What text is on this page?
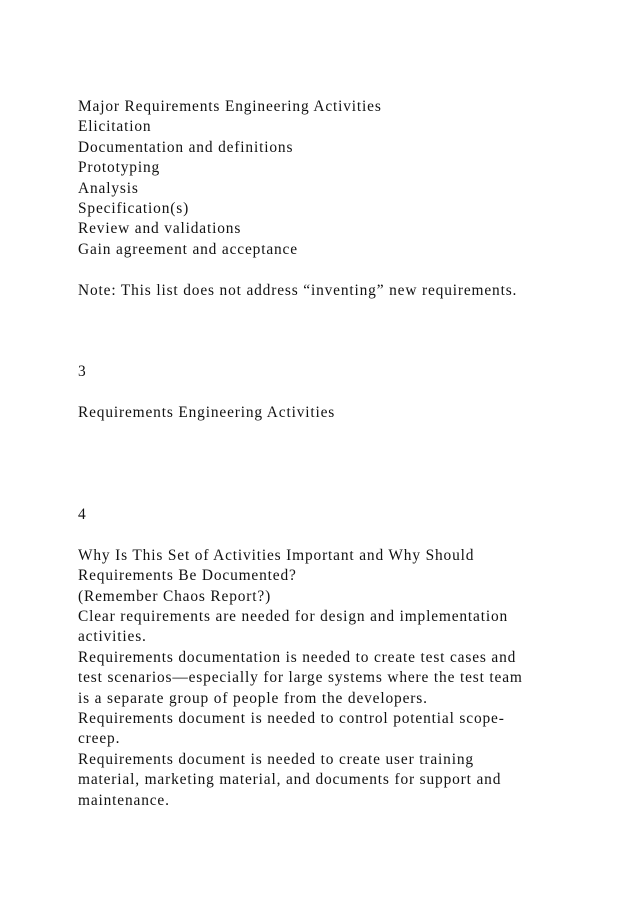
Major Requirements Engineering Activities
Elicitation
Documentation and definitions
Prototyping
Analysis
Specification(s)
Review and validations
Gain agreement and acceptance
Note: This list does not address “inventing” new requirements.
3
Requirements Engineering Activities
4
Why Is This Set of Activities Important and Why Should
Requirements Be Documented?
(Remember Chaos Report?)
Clear requirements are needed for design and implementation
activities.
Requirements documentation is needed to create test cases and
test scenarios—especially for large systems where the test team
is a separate group of people from the developers.
Requirements document is needed to control potential scope-
creep.
Requirements document is needed to create user training
material, marketing material, and documents for support and
maintenance.
